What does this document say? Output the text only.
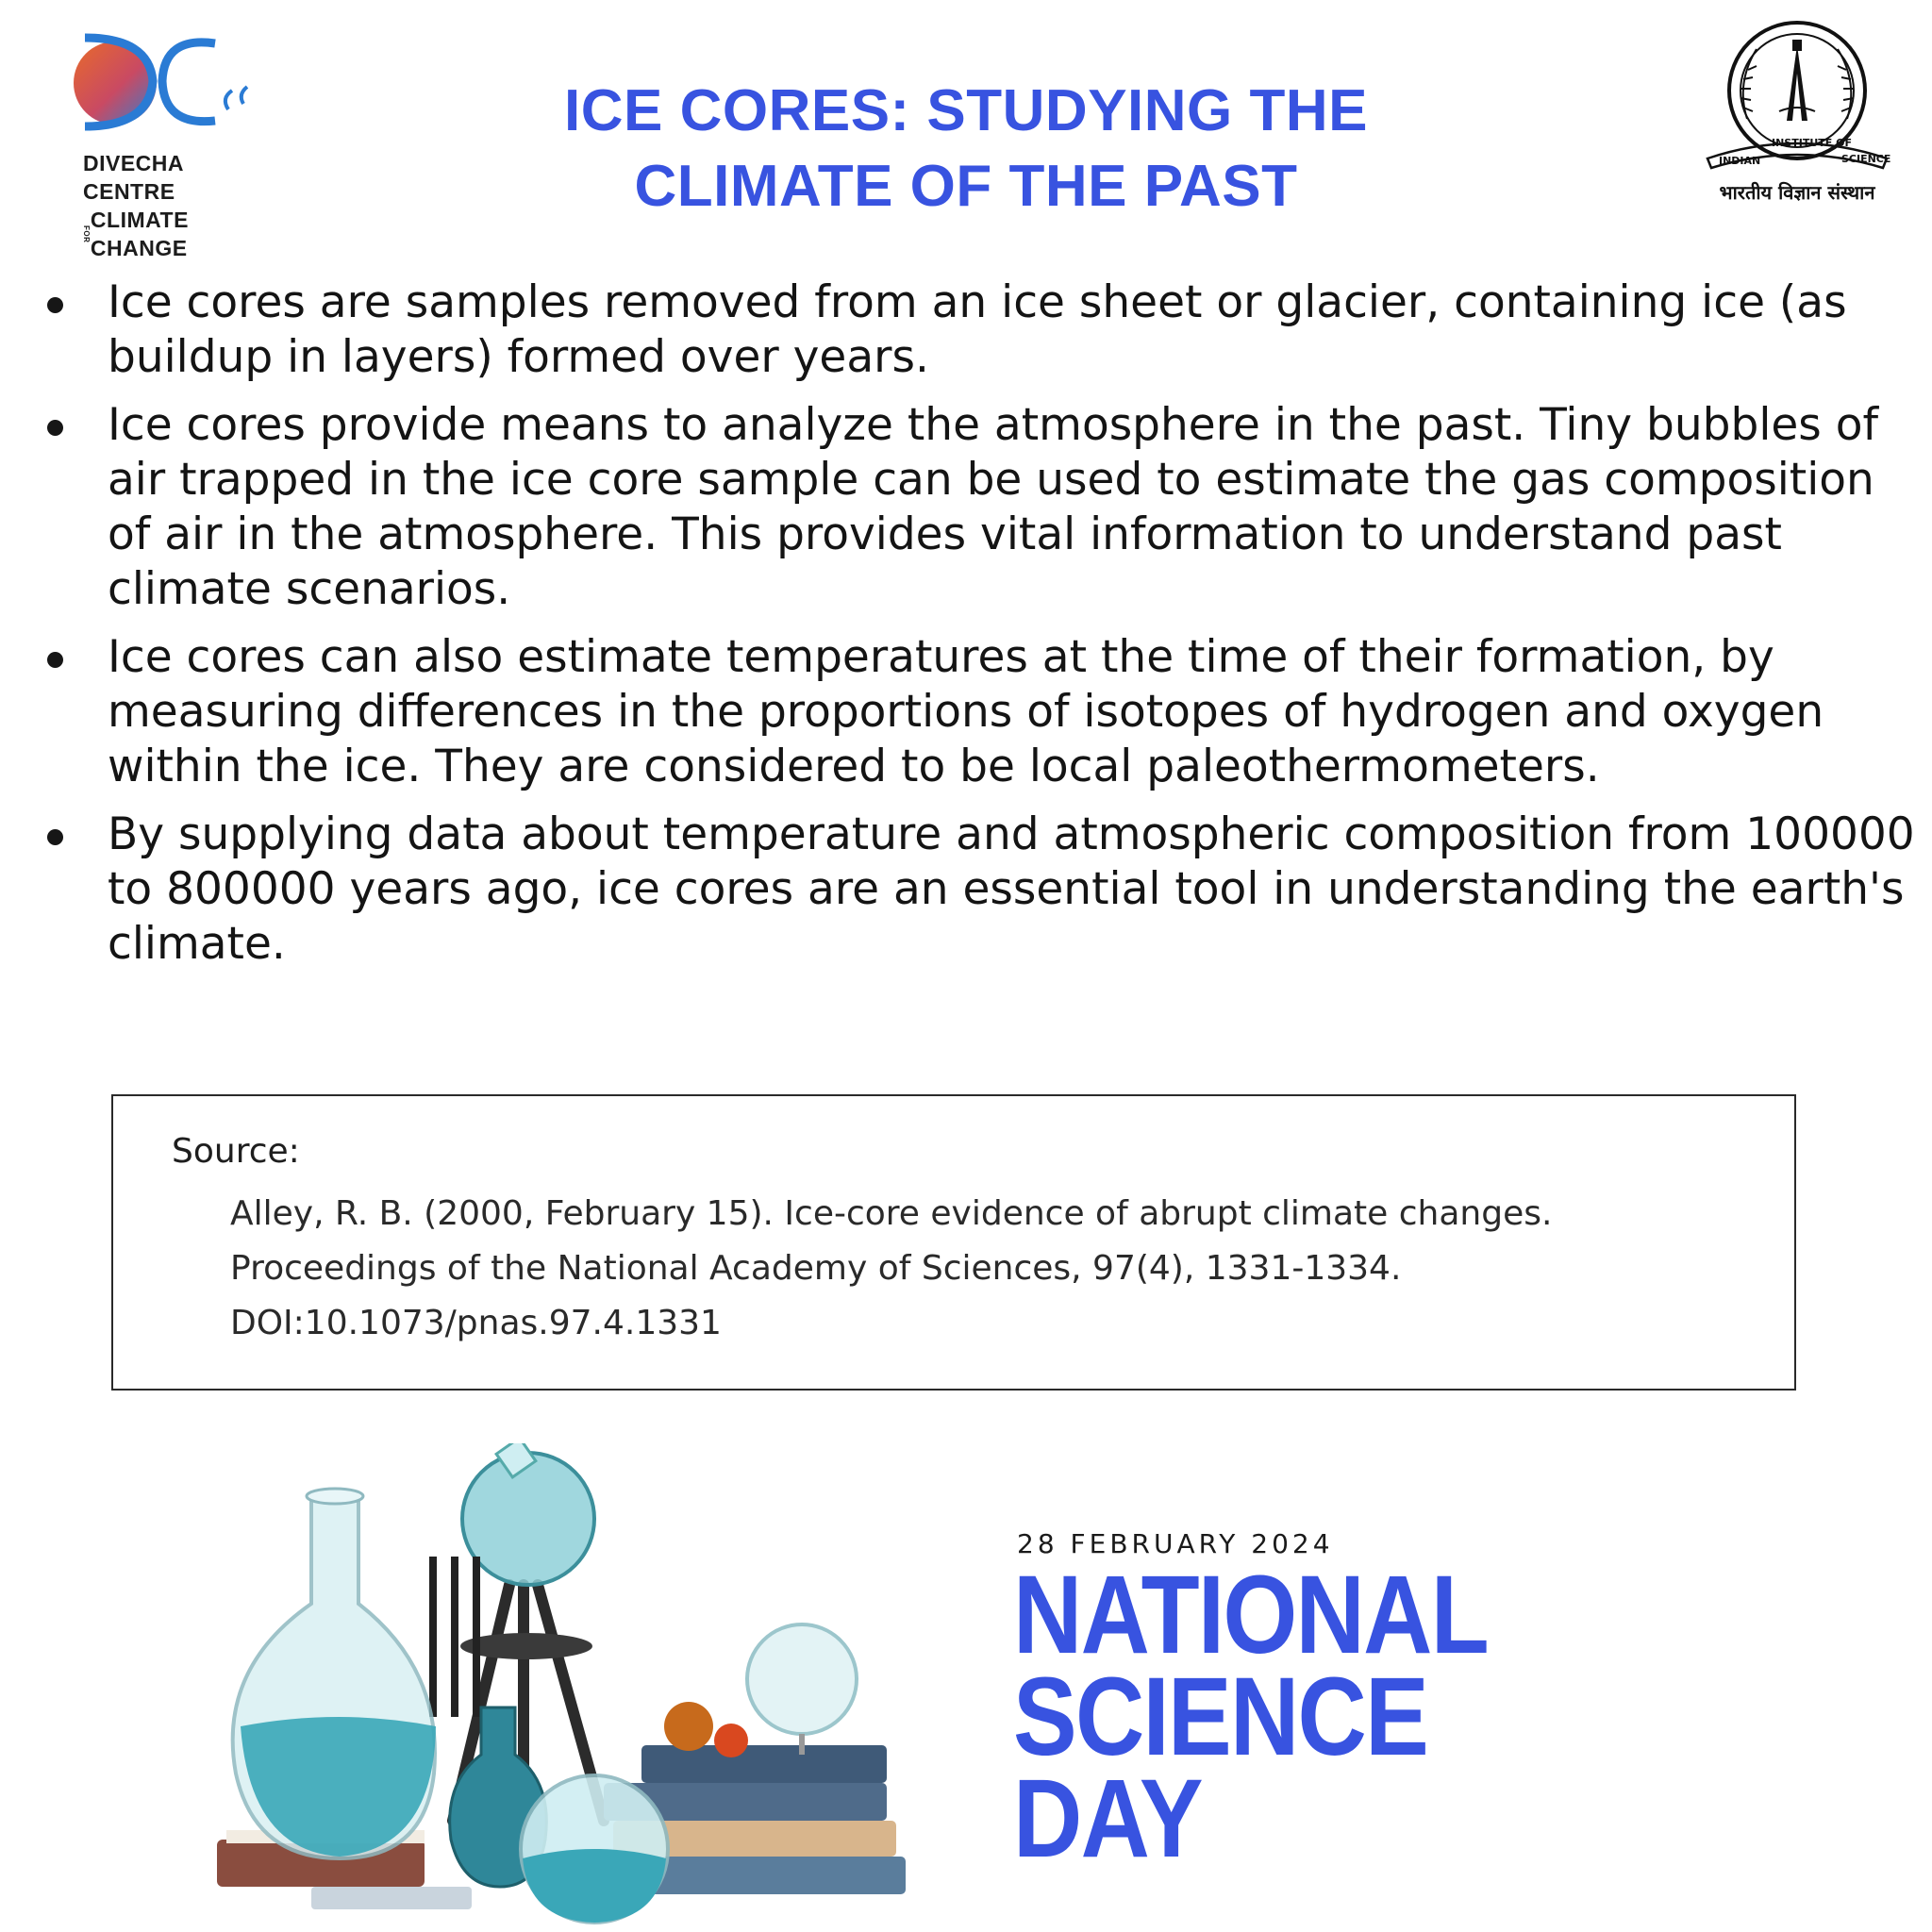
DIVECHA CENTRE
FOR
CLIMATE CHANGE
ICE CORES: STUDYING THE
CLIMATE OF THE PAST	INDIAN INSTITUTE OF SCIENCE
भारतीय विज्ञान संस्थान
Ice cores are samples removed from an ice sheet or glacier, containing ice (as buildup in layers) formed over years.
Ice cores provide means to analyze the atmosphere in the past. Tiny bubbles of air trapped in the ice core sample can be used to estimate the gas composition of air in the atmosphere. This provides vital information to understand past climate scenarios.
Ice cores can also estimate temperatures at the time of their formation, by measuring differences in the proportions of isotopes of hydrogen and oxygen within the ice. They are considered to be local paleothermometers.
By supplying data about temperature and atmospheric composition from 100000 to 800000 years ago, ice cores are an essential tool in understanding the earth's climate.
Source:
Alley, R. B. (2000, February 15). Ice-core evidence of abrupt climate changes. Proceedings of the National Academy of Sciences, 97(4), 1331-1334. DOI:10.1073/pnas.97.4.1331
28 FEBRUARY 2024
NATIONAL
SCIENCE
DAY
